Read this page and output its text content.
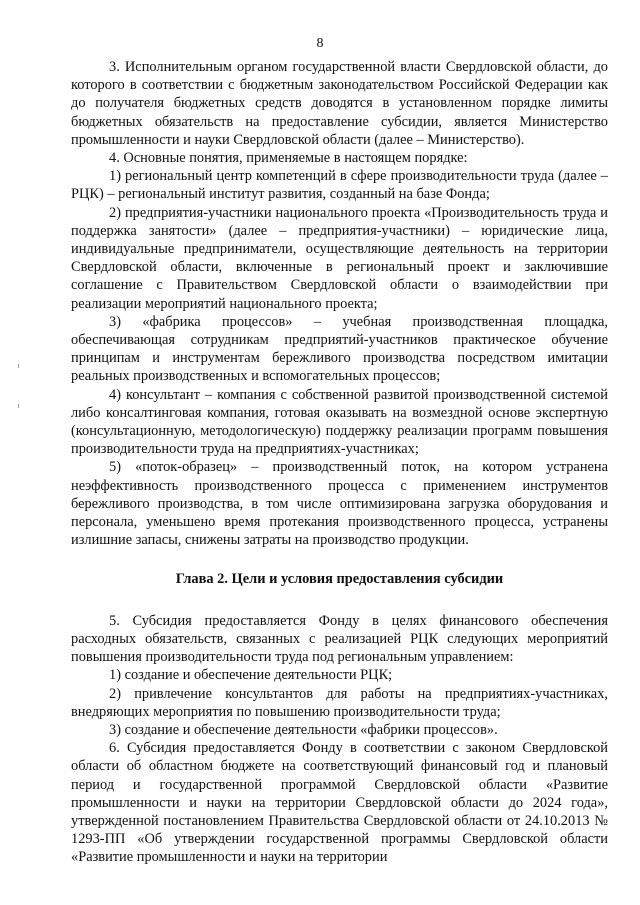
8

3. Исполнительным органом государственной власти Свердловской области, до которого в соответствии с бюджетным законодательством Российской Федерации как до получателя бюджетных средств доводятся в установленном порядке лимиты бюджетных обязательств на предоставление субсидии, является Министерство промышленности и науки Свердловской области (далее – Министерство).

4. Основные понятия, применяемые в настоящем порядке:

1) региональный центр компетенций в сфере производительности труда (далее – РЦК) – региональный институт развития, созданный на базе Фонда;

2) предприятия-участники национального проекта «Производительность труда и поддержка занятости» (далее – предприятия-участники) – юридические лица, индивидуальные предприниматели, осуществляющие деятельность на территории Свердловской области, включенные в региональный проект и заключившие соглашение с Правительством Свердловской области о взаимодействии при реализации мероприятий национального проекта;

3) «фабрика процессов» – учебная производственная площадка, обеспечивающая сотрудникам предприятий-участников практическое обучение принципам и инструментам бережливого производства посредством имитации реальных производственных и вспомогательных процессов;

4) консультант – компания с собственной развитой производственной системой либо консалтинговая компания, готовая оказывать на возмездной основе экспертную (консультационную, методологическую) поддержку реализации программ повышения производительности труда на предприятиях-участниках;

5) «поток-образец» – производственный поток, на котором устранена неэффективность производственного процесса с применением инструментов бережливого производства, в том числе оптимизирована загрузка оборудования и персонала, уменьшено время протекания производственного процесса, устранены излишние запасы, снижены затраты на производство продукции.

Глава 2. Цели и условия предоставления субсидии

5. Субсидия предоставляется Фонду в целях финансового обеспечения расходных обязательств, связанных с реализацией РЦК следующих мероприятий повышения производительности труда под региональным управлением:

1) создание и обеспечение деятельности РЦК;

2) привлечение консультантов для работы на предприятиях-участниках, внедряющих мероприятия по повышению производительности труда;

3) создание и обеспечение деятельности «фабрики процессов».

6. Субсидия предоставляется Фонду в соответствии с законом Свердловской области об областном бюджете на соответствующий финансовый год и плановый период и государственной программой Свердловской области «Развитие промышленности и науки на территории Свердловской области до 2024 года», утвержденной постановлением Правительства Свердловской области от 24.10.2013 № 1293-ПП «Об утверждении государственной программы Свердловской области «Развитие промышленности и науки на территории
